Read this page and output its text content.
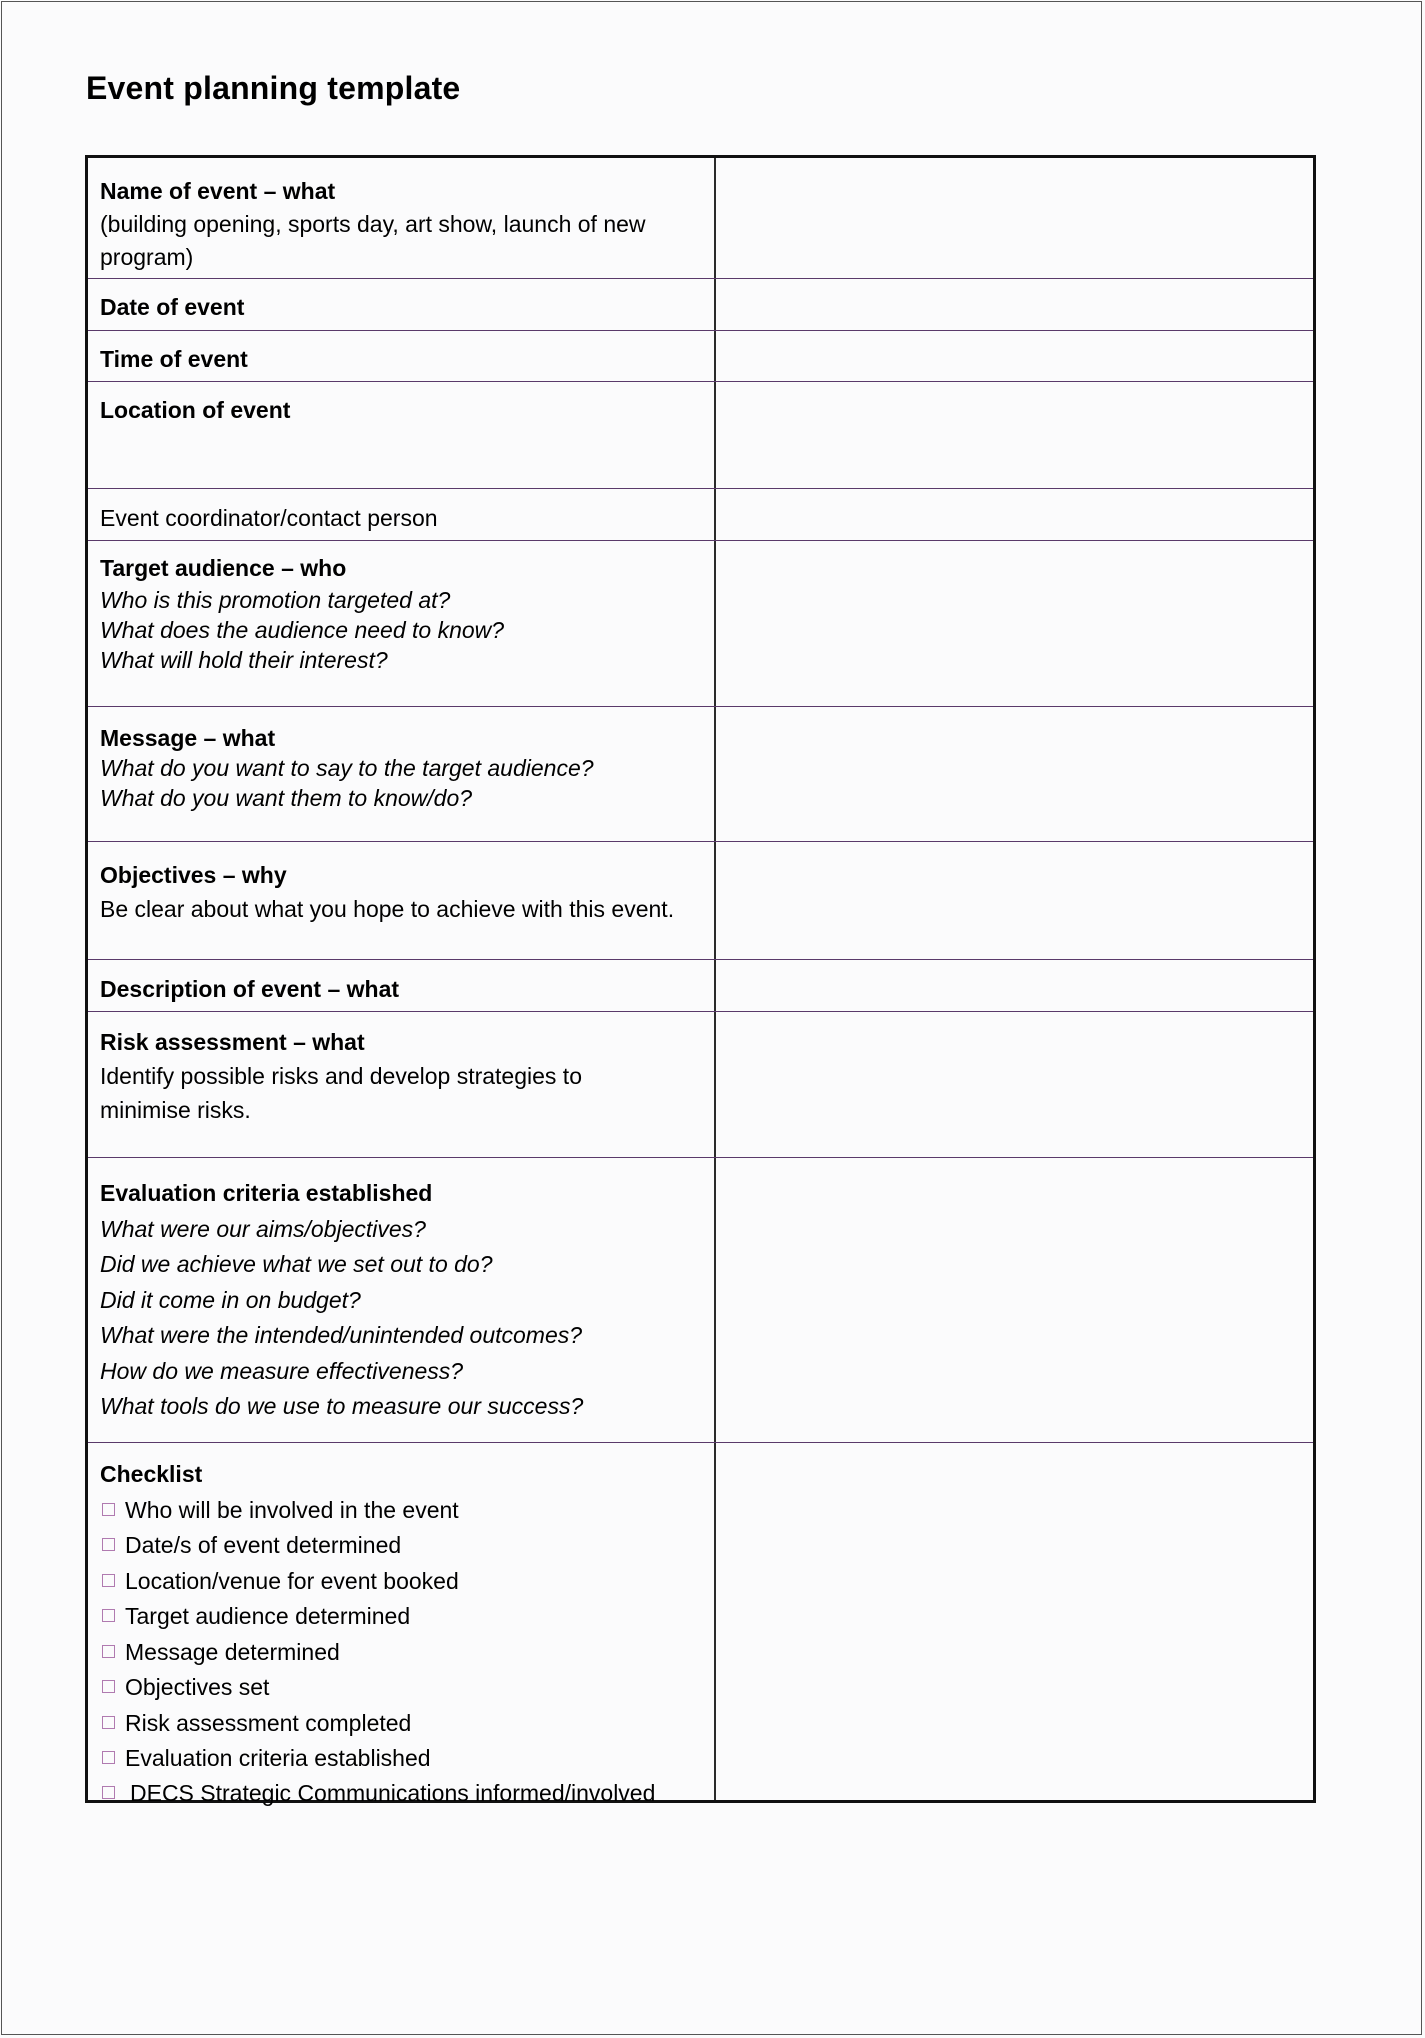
Event planning template
Name of event – what
(building opening, sports day, art show, launch of new program)
Date of event
Time of event
Location of event
Event coordinator/contact person
Target audience – who
Who is this promotion targeted at?
What does the audience need to know?
What will hold their interest?
Message – what
What do you want to say to the target audience?
What do you want them to know/do?
Objectives – why
Be clear about what you hope to achieve with this event.
Description of event – what
Risk assessment – what
Identify possible risks and develop strategies to minimise risks.
Evaluation criteria established
What were our aims/objectives?
Did we achieve what we set out to do?
Did it come in on budget?
What were the intended/unintended outcomes?
How do we measure effectiveness?
What tools do we use to measure our success?
Checklist
Who will be involved in the event
Date/s of event determined
Location/venue for event booked
Target audience determined
Message determined
Objectives set
Risk assessment completed
Evaluation criteria established
DECS Strategic Communications informed/involved
